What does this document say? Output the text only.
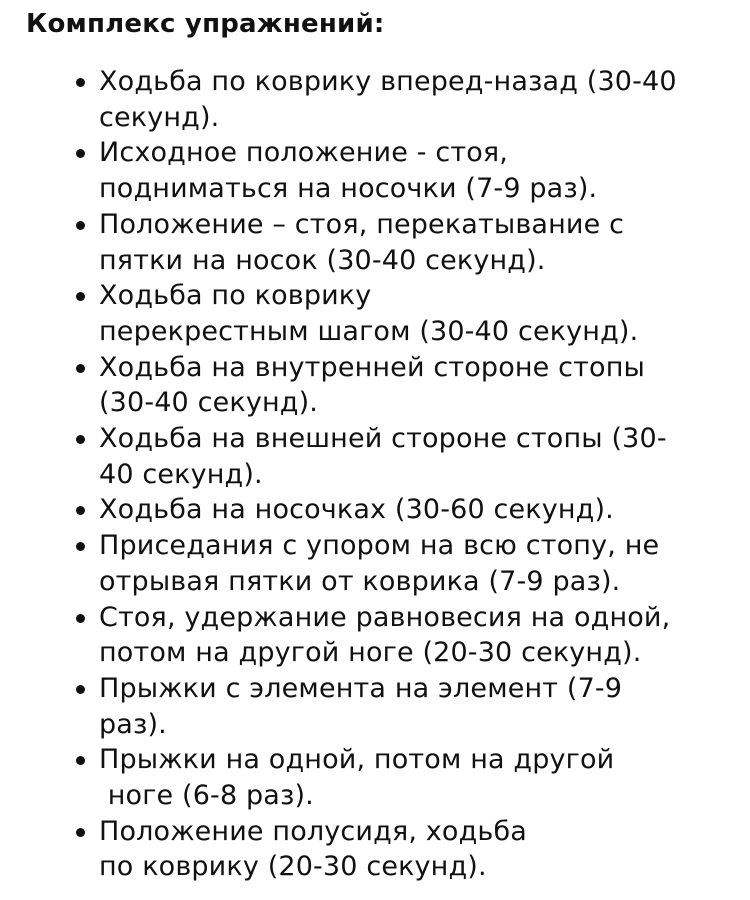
Комплекс упражнений:
Ходьба по коврику вперед-назад (30-40
секунд).
Исходное положение - стоя,
подниматься на носочки (7-9 раз).
Положение – стоя, перекатывание с
пятки на носок (30-40 секунд).
Ходьба по коврику
перекрестным шагом (30-40 секунд).
Ходьба на внутренней стороне стопы
(30-40 секунд).
Ходьба на внешней стороне стопы (30-
40 секунд).
Ходьба на носочках (30-60 секунд).
Приседания с упором на всю стопу, не
отрывая пятки от коврика (7-9 раз).
Стоя, удержание равновесия на одной,
потом на другой ноге (20-30 секунд).
Прыжки с элемента на элемент (7-9
раз).
Прыжки на одной, потом на другой
ноге (6-8 раз).
Положение полусидя, ходьба
по коврику (20-30 секунд).
